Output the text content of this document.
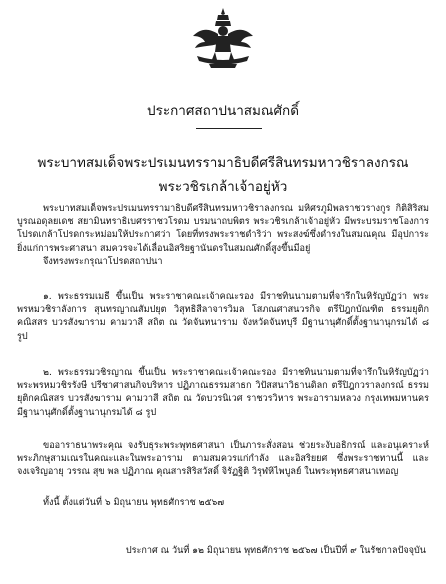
ประกาศสถาปนาสมณศักดิ์
พระบาทสมเด็จพระปรเมนทรรามาธิบดีศรีสินทรมหาวชิราลงกรณ
พระวชิรเกล้าเจ้าอยู่หัว

พระบาทสมเด็จพระปรเมนทรรามาธิบดีศรีสินทรมหาวชิราลงกรณ มหิศรภูมิพลราชวรางกูร กิติสิริสมบูรณอดุลยเดช สยามินทราธิเบศรราชวโรดม บรมนาถบพิตร พระวชิรเกล้าเจ้าอยู่หัว มีพระบรมราชโองการโปรดเกล้าโปรดกระหม่อมให้ประกาศว่า โดยที่ทรงพระราชดำริว่า พระสงฆ์ซึ่งดำรงในสมณคุณ มีอุปการะยิ่งแก่การพระศาสนา สมควรจะได้เลื่อนอิสริยฐานันดรในสมณศักดิ์สูงขึ้นมีอยู่

จึงทรงพระกรุณาโปรดสถาปนา

๑. พระธรรมเมธี ขึ้นเป็น พระราชาคณะเจ้าคณะรอง มีราชทินนามตามที่จารึกในหิรัญบัฏว่า พระพรหมวชิราลังการ สุนทรญาณสัมปยุต วิสุทธิสีลาจารวิมล โสภณศาสนวรกิจ ตรีปิฎกบัณฑิต ธรรมยุติกคณิสสร บวรสังฆาราม คามวาสี สถิต ณ วัดจันทนาราม จังหวัดจันทบุรี มีฐานานุศักดิ์ตั้งฐานานุกรมได้ ๘ รูป

๒. พระธรรมวชิรญาณ ขึ้นเป็น พระราชาคณะเจ้าคณะรอง มีราชทินนามตามที่จารึกในหิรัญบัฏว่า พระพรหมวชิรรังษี ปรีชาศาสนกิจบริหาร ปฏิภาณธรรมสาธก วิปัสสนาวิธานดิลก ตรีปิฎกวราลงกรณ์ ธรรมยุติกคณิสสร บวรสังฆาราม คามวาสี สถิต ณ วัดบวรนิเวศ ราชวรวิหาร พระอารามหลวง กรุงเทพมหานคร มีฐานานุศักดิ์ตั้งฐานานุกรมได้ ๘ รูป

ขออาราธนาพระคุณ จงรับธุระพระพุทธศาสนา เป็นภาระสั่งสอน ช่วยระงับอธิกรณ์ และอนุเคราะห์พระภิกษุสามเณรในคณะและในพระอาราม ตามสมควรแก่กำลัง และอิสริยยศ ซึ่งพระราชทานนี้ และจงเจริญอายุ วรรณ สุข พล ปฏิภาณ คุณสารสิริสวัสดิ์ จิรัฏฐิติ วิรุฬหิไพบูลย์ ในพระพุทธศาสนาเทอญ

ทั้งนี้ ตั้งแต่วันที่ ๖ มิถุนายน พุทธศักราช ๒๕๖๗

ประกาศ ณ วันที่ ๑๒ มิถุนายน พุทธศักราช ๒๕๖๗ เป็นปีที่ ๙ ในรัชกาลปัจจุบัน
